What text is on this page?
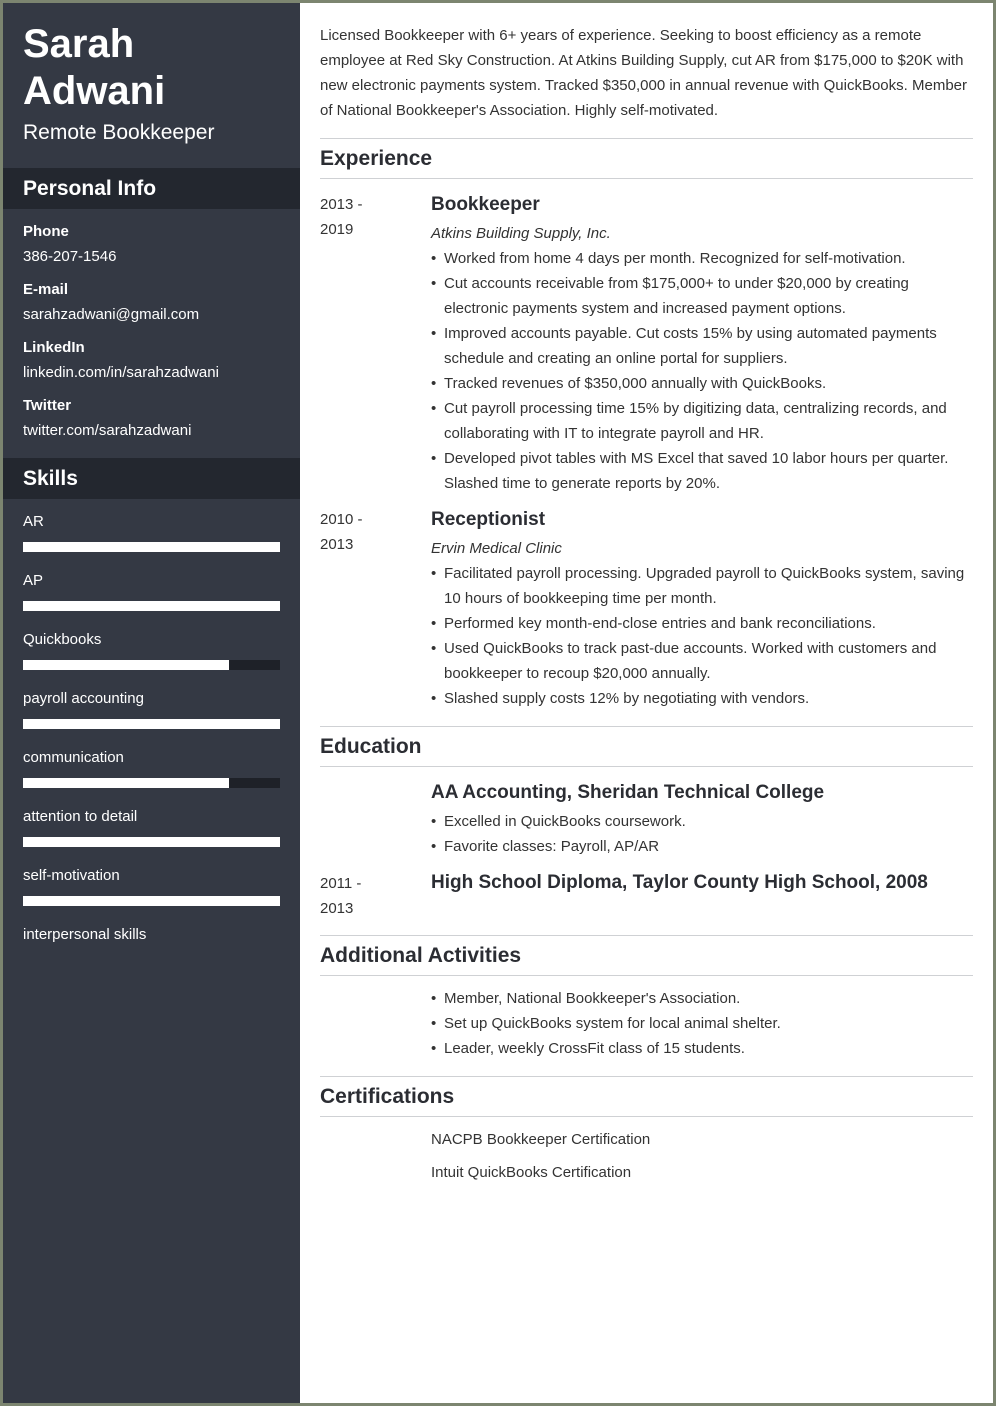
Sarah
Adwani
Remote Bookkeeper
Personal Info
Phone
386-207-1546
E-mail
sarahzadwani@gmail.com
LinkedIn
linkedin.com/in/sarahzadwani
Twitter
twitter.com/sarahzadwani
Skills
AR
AP
Quickbooks
payroll accounting
communication
attention to detail
self-motivation
interpersonal skills
Licensed Bookkeeper with 6+ years of experience. Seeking to boost efficiency as a remote employee at Red Sky Construction. At Atkins Building Supply, cut AR from $175,000 to $20K with new electronic payments system. Tracked $350,000 in annual revenue with QuickBooks. Member of National Bookkeeper's Association. Highly self-motivated.
Experience
2013 -
2019
Bookkeeper
Atkins Building Supply, Inc.
• Worked from home 4 days per month. Recognized for self-motivation.
• Cut accounts receivable from $175,000+ to under $20,000 by creating electronic payments system and increased payment options.
• Improved accounts payable. Cut costs 15% by using automated payments schedule and creating an online portal for suppliers.
• Tracked revenues of $350,000 annually with QuickBooks.
• Cut payroll processing time 15% by digitizing data, centralizing records, and collaborating with IT to integrate payroll and HR.
• Developed pivot tables with MS Excel that saved 10 labor hours per quarter. Slashed time to generate reports by 20%.
2010 -
2013
Receptionist
Ervin Medical Clinic
• Facilitated payroll processing. Upgraded payroll to QuickBooks system, saving 10 hours of bookkeeping time per month.
• Performed key month-end-close entries and bank reconciliations.
• Used QuickBooks to track past-due accounts. Worked with customers and bookkeeper to recoup $20,000 annually.
• Slashed supply costs 12% by negotiating with vendors.
Education
AA Accounting, Sheridan Technical College
• Excelled in QuickBooks coursework.
• Favorite classes: Payroll, AP/AR
2011 -
2013
High School Diploma, Taylor County High School, 2008
Additional Activities
• Member, National Bookkeeper's Association.
• Set up QuickBooks system for local animal shelter.
• Leader, weekly CrossFit class of 15 students.
Certifications
NACPB Bookkeeper Certification
Intuit QuickBooks Certification
